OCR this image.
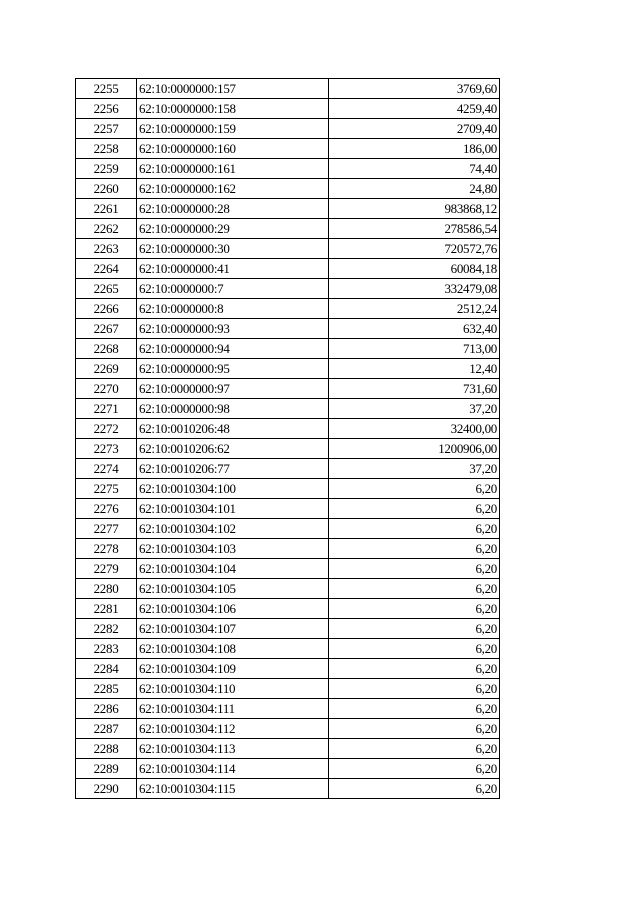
2255	62:10:0000000:157	3769,60
2256	62:10:0000000:158	4259,40
2257	62:10:0000000:159	2709,40
2258	62:10:0000000:160	186,00
2259	62:10:0000000:161	74,40
2260	62:10:0000000:162	24,80
2261	62:10:0000000:28	983868,12
2262	62:10:0000000:29	278586,54
2263	62:10:0000000:30	720572,76
2264	62:10:0000000:41	60084,18
2265	62:10:0000000:7	332479,08
2266	62:10:0000000:8	2512,24
2267	62:10:0000000:93	632,40
2268	62:10:0000000:94	713,00
2269	62:10:0000000:95	12,40
2270	62:10:0000000:97	731,60
2271	62:10:0000000:98	37,20
2272	62:10:0010206:48	32400,00
2273	62:10:0010206:62	1200906,00
2274	62:10:0010206:77	37,20
2275	62:10:0010304:100	6,20
2276	62:10:0010304:101	6,20
2277	62:10:0010304:102	6,20
2278	62:10:0010304:103	6,20
2279	62:10:0010304:104	6,20
2280	62:10:0010304:105	6,20
2281	62:10:0010304:106	6,20
2282	62:10:0010304:107	6,20
2283	62:10:0010304:108	6,20
2284	62:10:0010304:109	6,20
2285	62:10:0010304:110	6,20
2286	62:10:0010304:111	6,20
2287	62:10:0010304:112	6,20
2288	62:10:0010304:113	6,20
2289	62:10:0010304:114	6,20
2290	62:10:0010304:115	6,20
